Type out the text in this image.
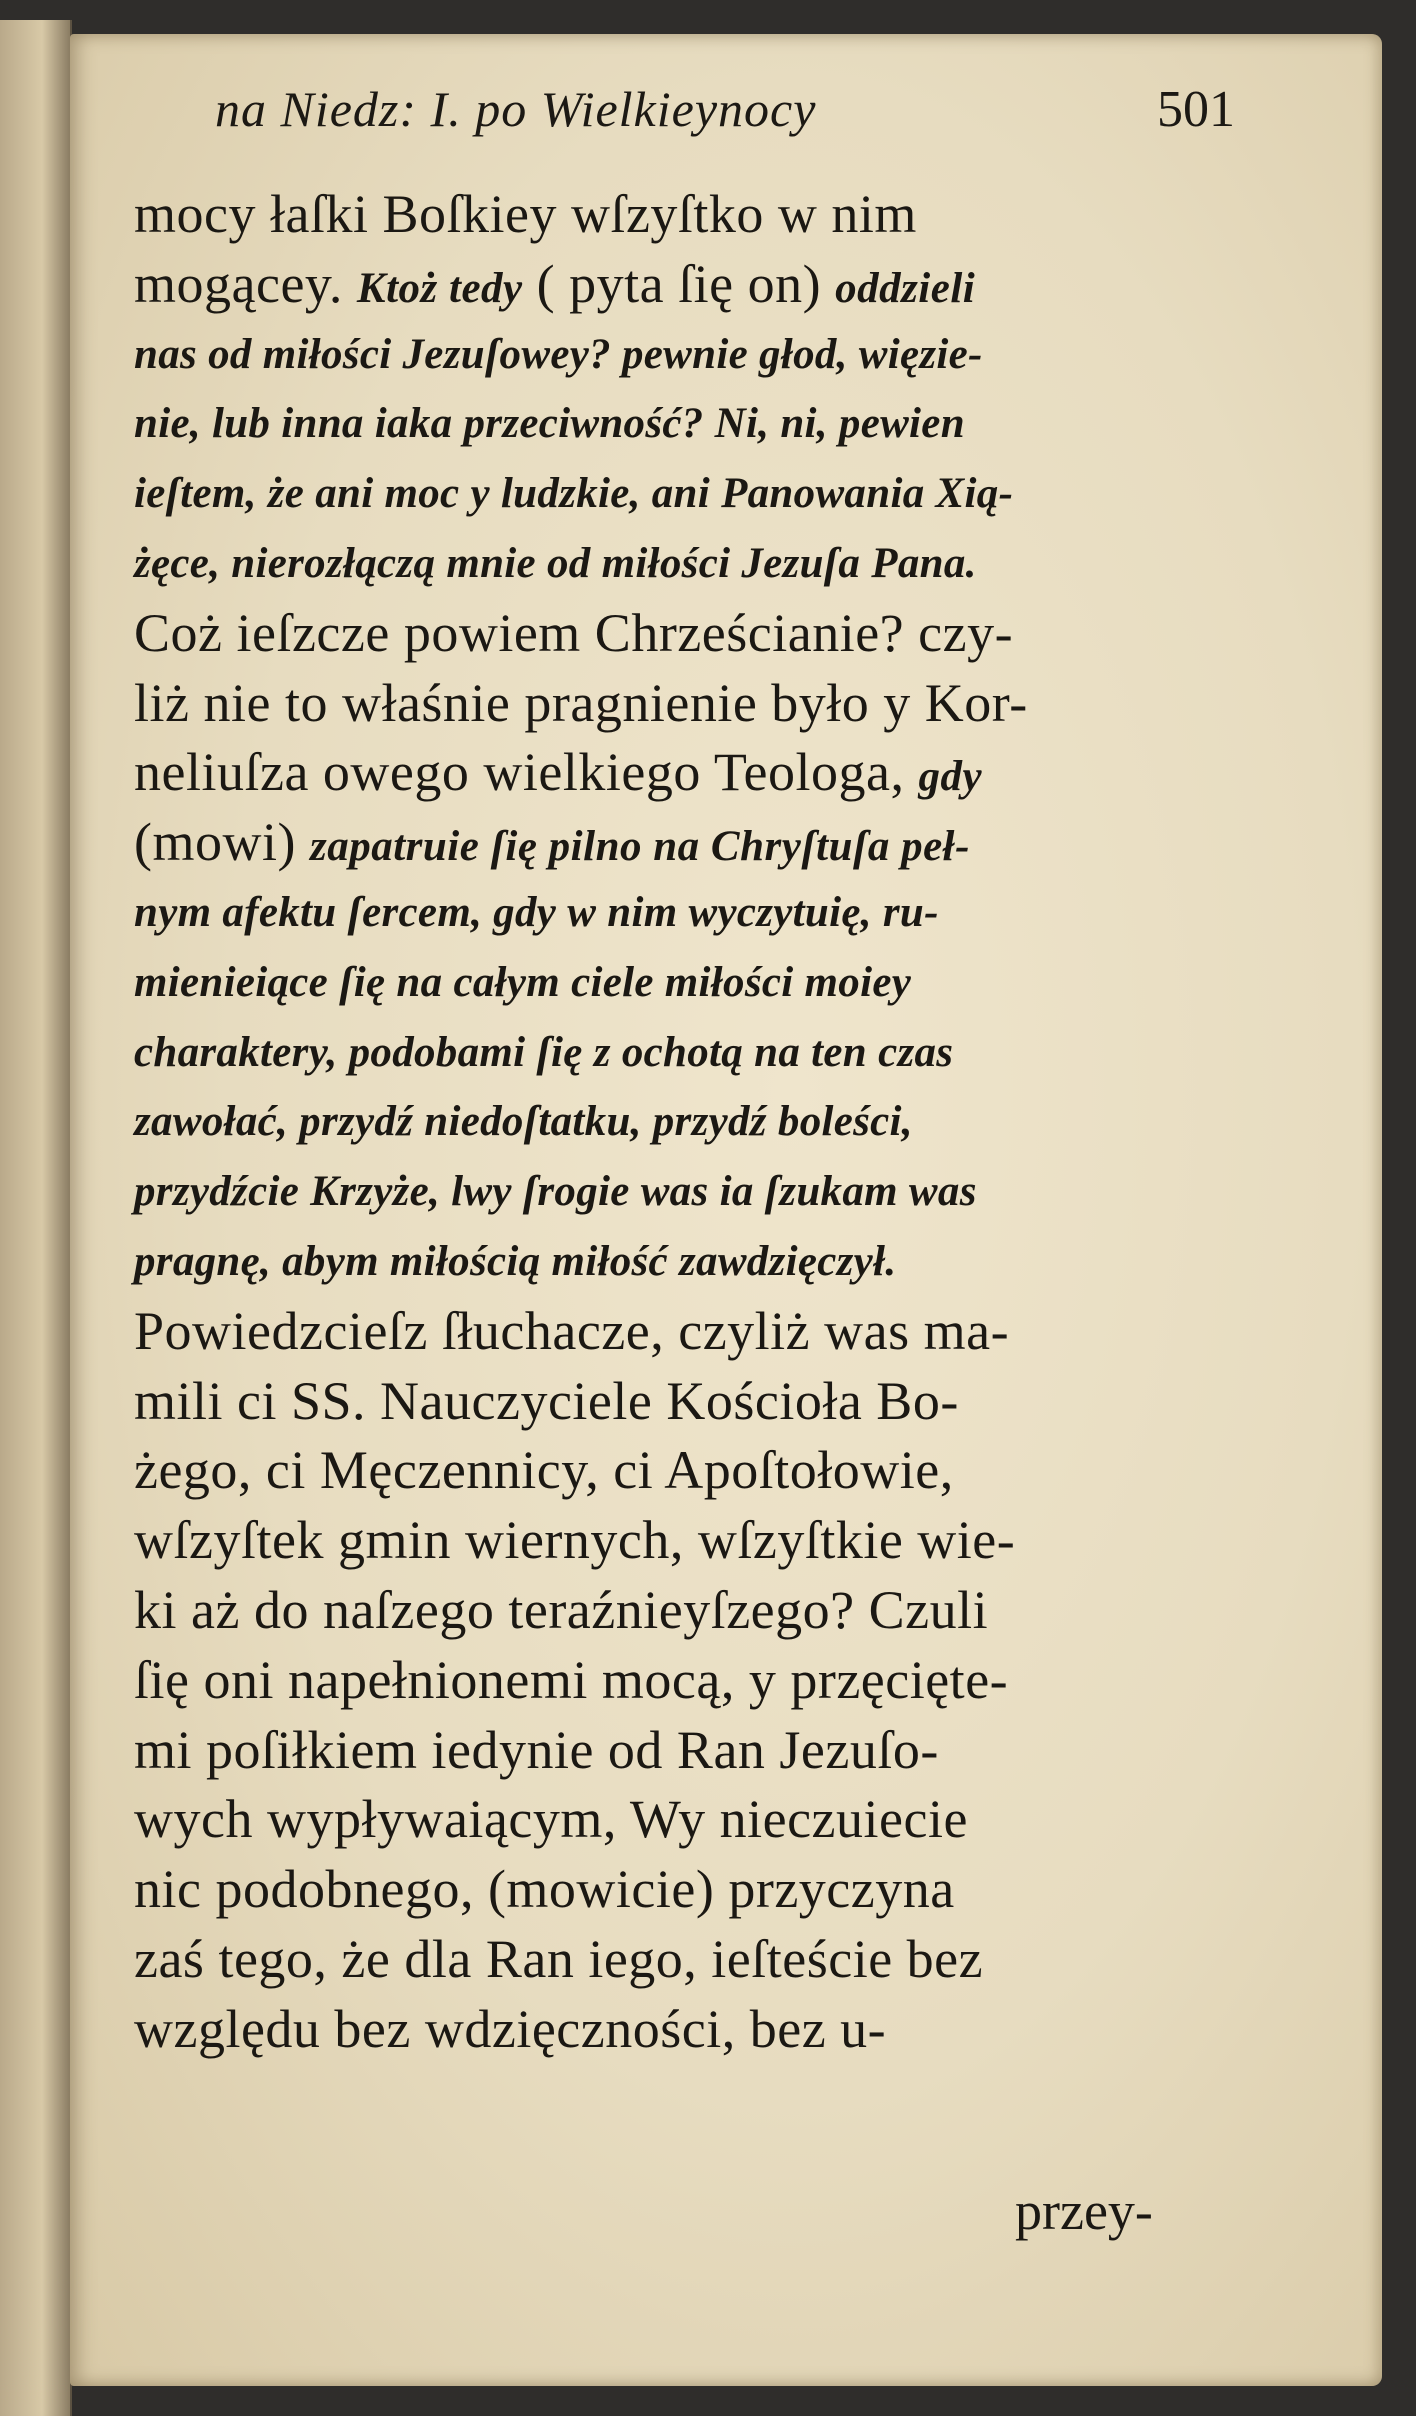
na Niedz: I. po Wielkieynocy	501
mocy łaſki Boſkiey wſzyſtko w nim
mogącey. Ktoż tedy ( pyta ſię on) oddzieli
nas od miłości Jezuſowey? pewnie głod, więzie-
nie, lub inna iaka przeciwność? Ni, ni, pewien
ieſtem, że ani moc y ludzkie, ani Panowania Xią-
żęce, nierozłączą mnie od miłości Jezuſa Pana.
Coż ieſzcze powiem Chrześcianie? czy-
liż nie to właśnie pragnienie było y Kor-
neliuſza owego wielkiego Teologa, gdy
(mowi) zapatruie ſię pilno na Chryſtuſa peł-
nym afektu ſercem, gdy w nim wyczytuię, ru-
mienieiące ſię na całym ciele miłości moiey
charaktery, podobami ſię z ochotą na ten czas
zawołać, przydź niedoſtatku, przydź boleści,
przydźcie Krzyże, lwy ſrogie was ia ſzukam was
pragnę, abym miłością miłość zawdzięczył.
Powiedzcieſz ſłuchacze, czyliż was ma-
mili ci SS. Nauczyciele Kościoła Bo-
żego, ci Męczennicy, ci Apoſtołowie,
wſzyſtek gmin wiernych, wſzyſtkie wie-
ki aż do naſzego teraźnieyſzego? Czuli
ſię oni napełnionemi mocą, y przęcięte-
mi poſiłkiem iedynie od Ran Jezuſo-
wych wypływaiącym, Wy nieczuiecie
nic podobnego, (mowicie) przyczyna
zaś tego, że dla Ran iego, ieſteście bez
względu bez wdzięczności, bez u-
przey-
